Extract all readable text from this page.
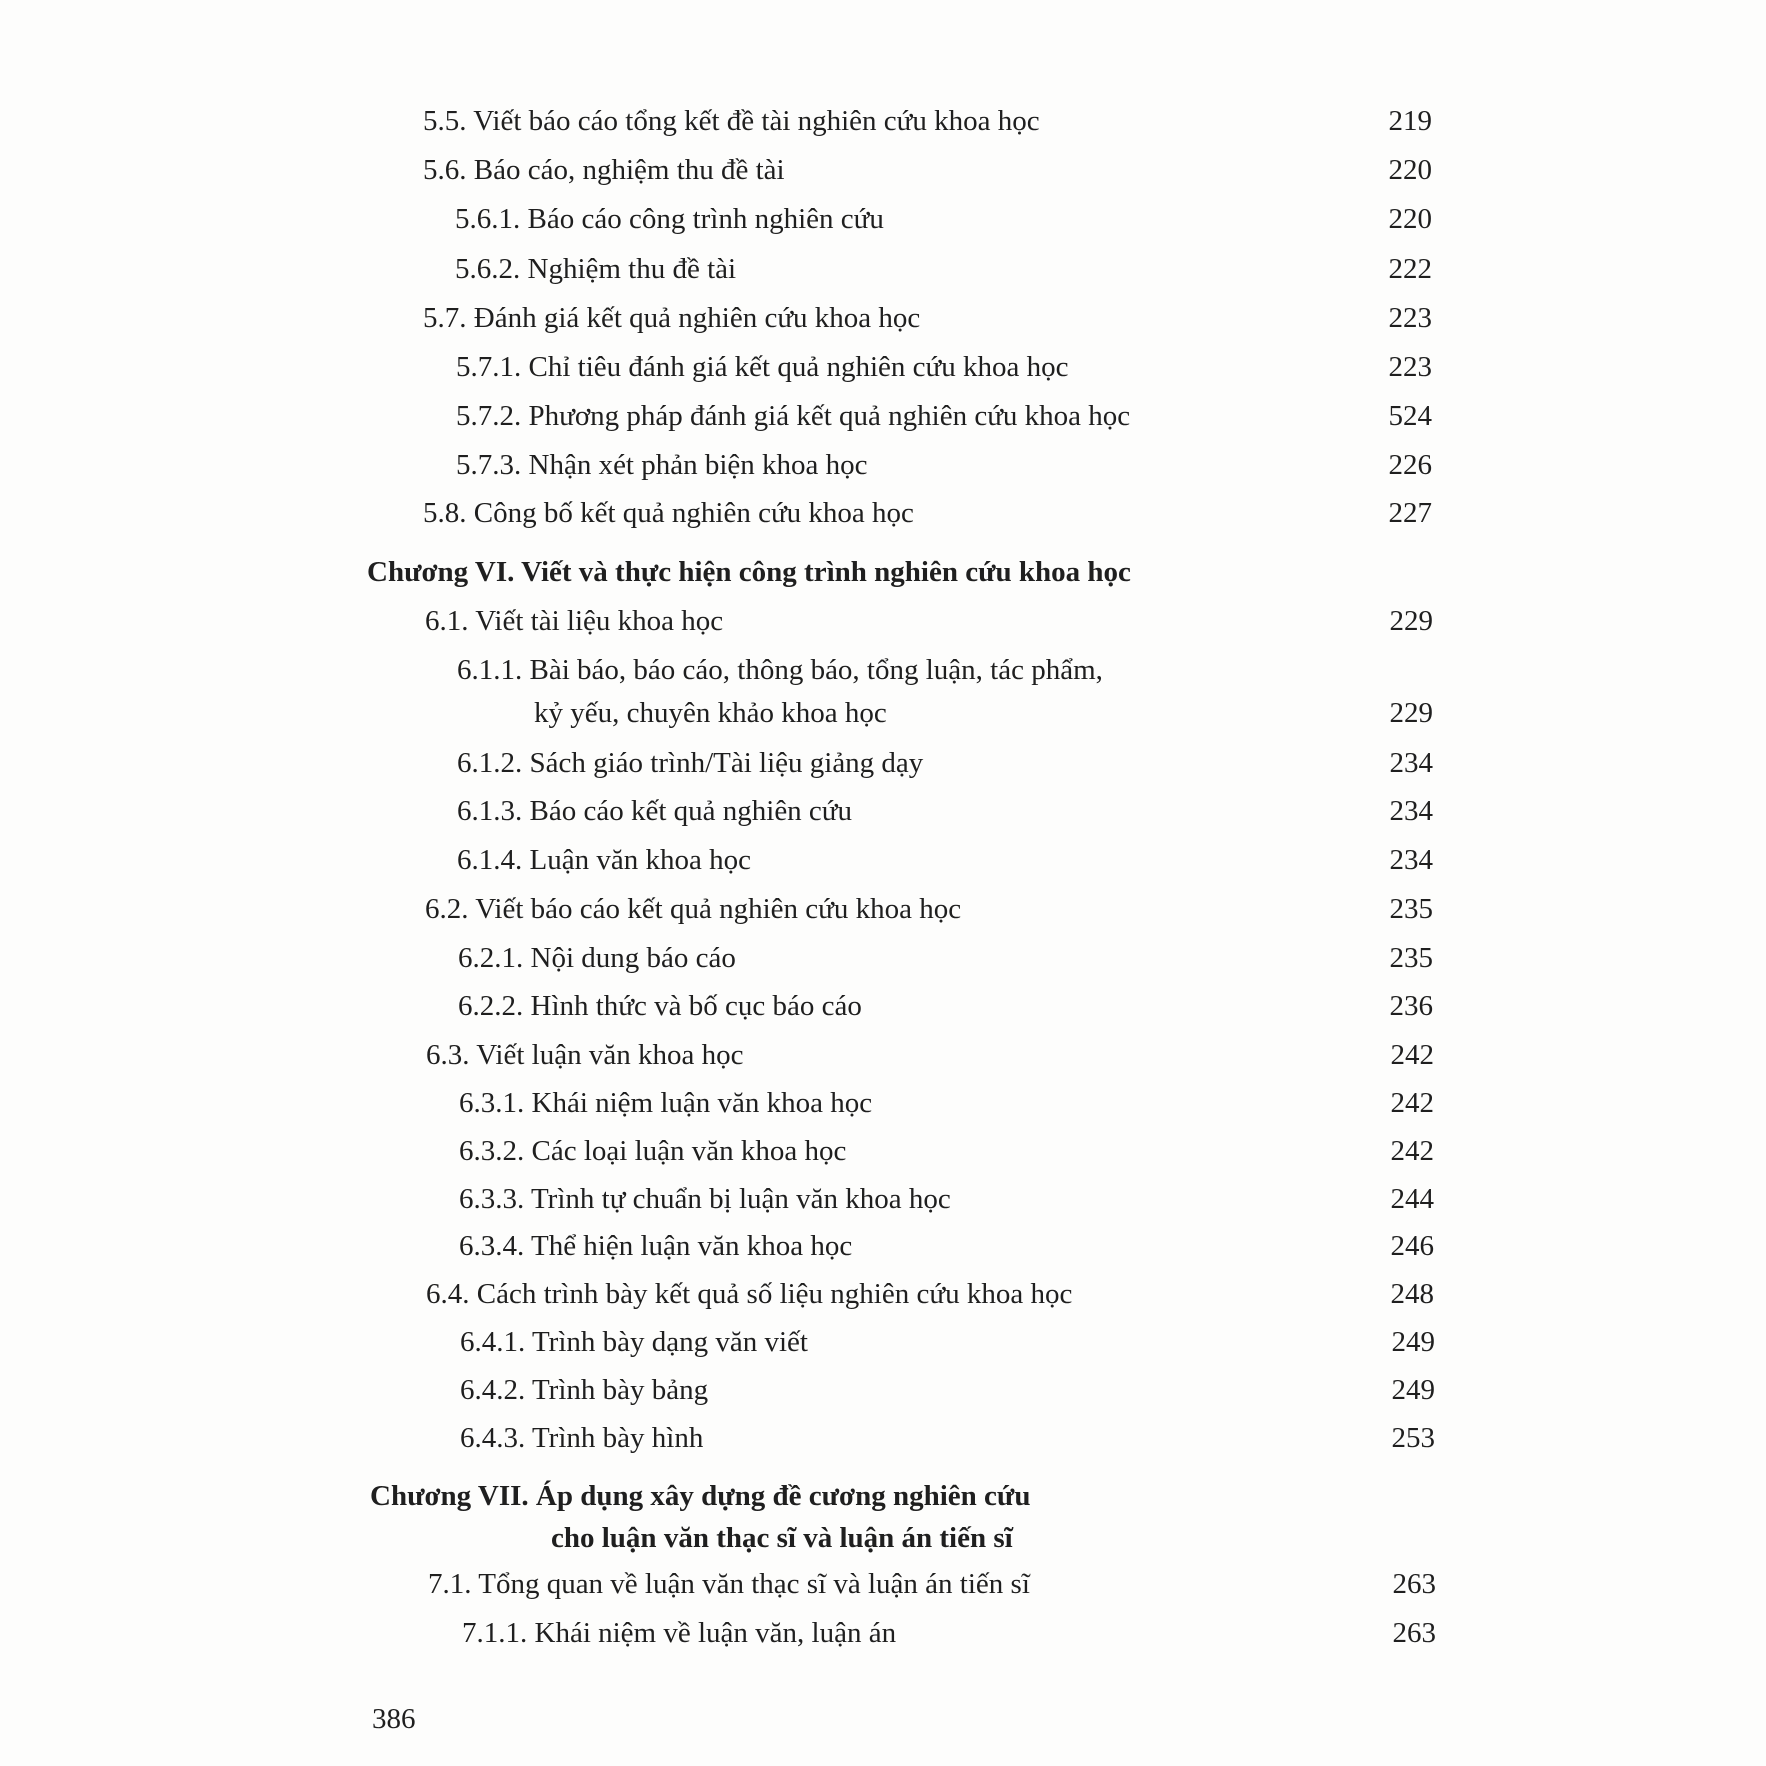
5.5. Viết báo cáo tổng kết đề tài nghiên cứu khoa học	219
5.6. Báo cáo, nghiệm thu đề tài	220
5.6.1. Báo cáo công trình nghiên cứu	220
5.6.2. Nghiệm thu đề tài	222
5.7. Đánh giá kết quả nghiên cứu khoa học	223
5.7.1. Chỉ tiêu đánh giá kết quả nghiên cứu khoa học	223
5.7.2. Phương pháp đánh giá kết quả nghiên cứu khoa học	524
5.7.3. Nhận xét phản biện khoa học	226
5.8. Công bố kết quả nghiên cứu khoa học	227
Chương VI. Viết và thực hiện công trình nghiên cứu khoa học
6.1. Viết tài liệu khoa học	229
6.1.1. Bài báo, báo cáo, thông báo, tổng luận, tác phẩm,
kỷ yếu, chuyên khảo khoa học	229
6.1.2. Sách giáo trình/Tài liệu giảng dạy	234
6.1.3. Báo cáo kết quả nghiên cứu	234
6.1.4. Luận văn khoa học	234
6.2. Viết báo cáo kết quả nghiên cứu khoa học	235
6.2.1. Nội dung báo cáo	235
6.2.2. Hình thức và bố cục báo cáo	236
6.3. Viết luận văn khoa học	242
6.3.1. Khái niệm luận văn khoa học	242
6.3.2. Các loại luận văn khoa học	242
6.3.3. Trình tự chuẩn bị luận văn khoa học	244
6.3.4. Thể hiện luận văn khoa học	246
6.4. Cách trình bày kết quả số liệu nghiên cứu khoa học	248
6.4.1. Trình bày dạng văn viết	249
6.4.2. Trình bày bảng	249
6.4.3. Trình bày hình	253
Chương VII. Áp dụng xây dựng đề cương nghiên cứu
cho luận văn thạc sĩ và luận án tiến sĩ
7.1. Tổng quan về luận văn thạc sĩ và luận án tiến sĩ	263
7.1.1. Khái niệm về luận văn, luận án	263
386
